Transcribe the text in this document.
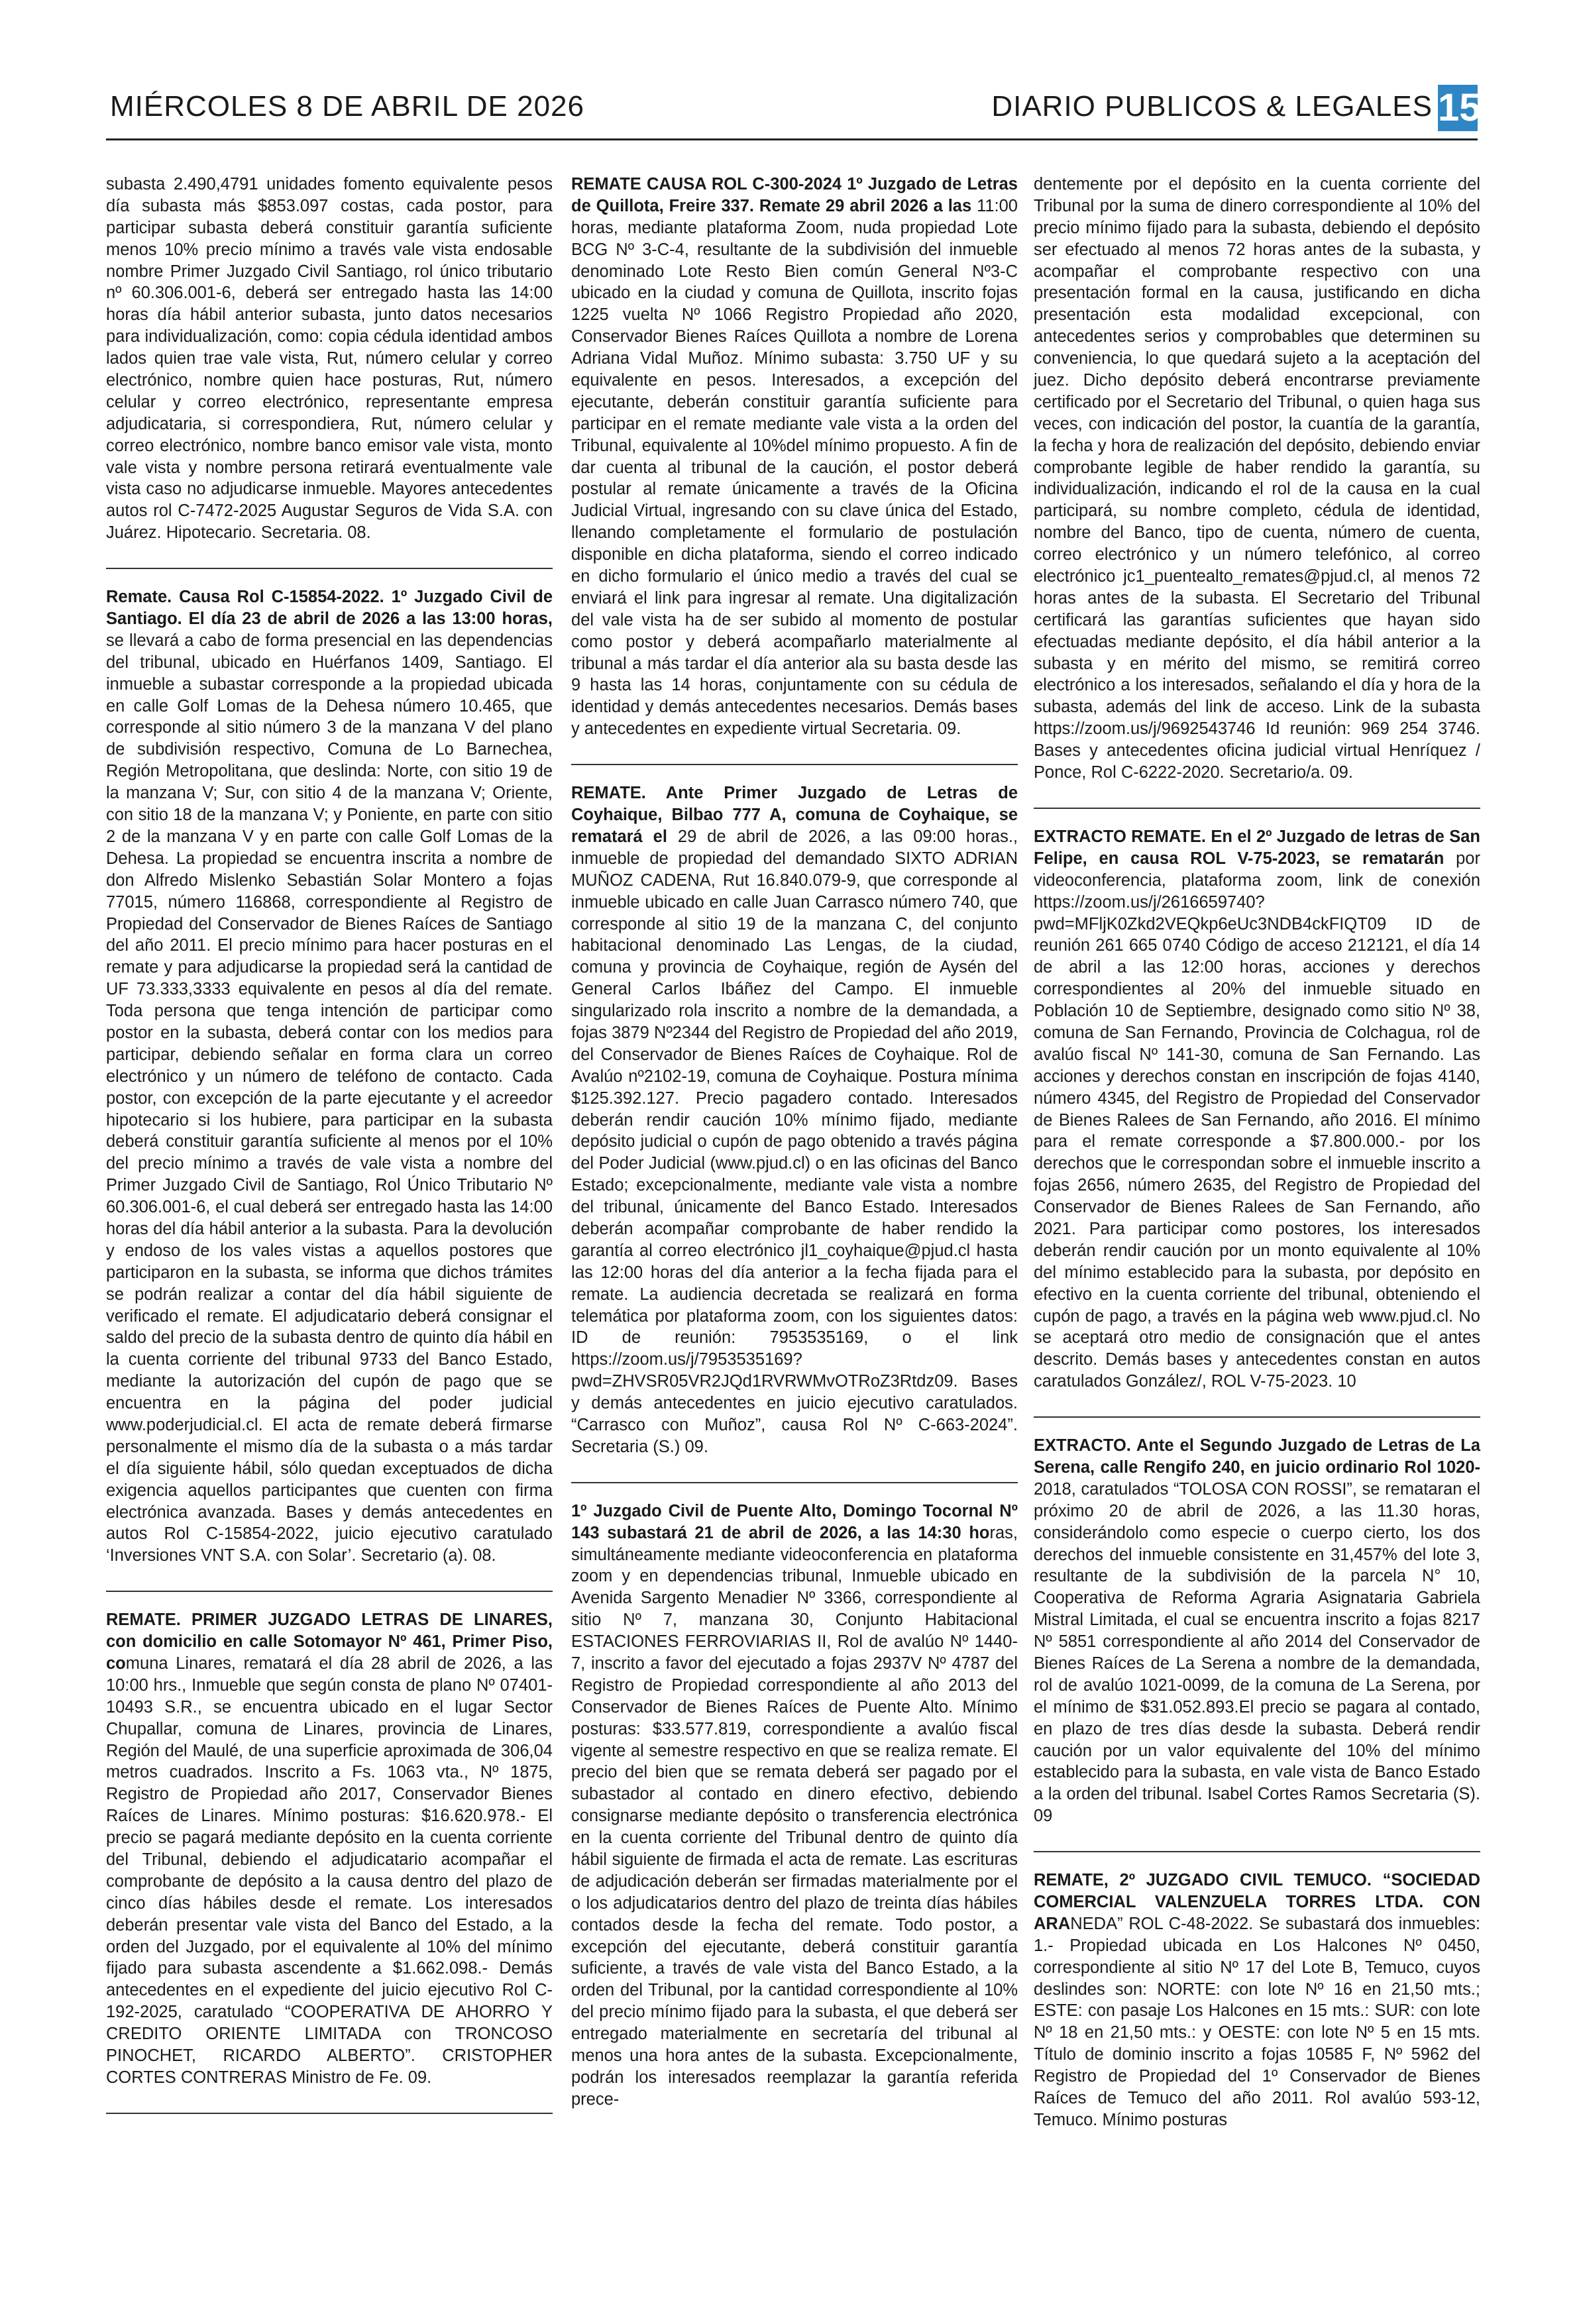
MIÉRCOLES 8 DE ABRIL DE 2026	DIARIO PUBLICOS & LEGALES 15

subasta 2.490,4791 unidades fomento equivalente pesos día subasta más $853.097 costas, cada postor, para participar subasta deberá constituir garantía suficiente menos 10% precio mínimo a través vale vista endosable nombre Primer Juzgado Civil Santiago, rol único tributario nº 60.306.001-6, deberá ser entregado hasta las 14:00 horas día hábil anterior subasta, junto datos necesarios para individualización, como: copia cédula identidad ambos lados quien trae vale vista, Rut, número celular y correo electrónico, nombre quien hace posturas, Rut, número celular y correo electrónico, representante empresa adjudicataria, si correspondiera, Rut, número celular y correo electrónico, nombre banco emisor vale vista, monto vale vista y nombre persona retirará eventualmente vale vista caso no adjudicarse inmueble. Mayores antecedentes autos rol C-7472-2025 Augustar Seguros de Vida S.A. con Juárez. Hipotecario. Secretaria. 08.

Remate. Causa Rol C-15854-2022. 1º Juzgado Civil de Santiago. El día 23 de abril de 2026 a las 13:00 horas, se llevará a cabo de forma presencial en las dependencias del tribunal, ubicado en Huérfanos 1409, Santiago. El inmueble a subastar corresponde a la propiedad ubicada en calle Golf Lomas de la Dehesa número 10.465, que corresponde al sitio número 3 de la manzana V del plano de subdivisión respectivo, Comuna de Lo Barnechea, Región Metropolitana, que deslinda: Norte, con sitio 19 de la manzana V; Sur, con sitio 4 de la manzana V; Oriente, con sitio 18 de la manzana V; y Poniente, en parte con sitio 2 de la manzana V y en parte con calle Golf Lomas de la Dehesa. La propiedad se encuentra inscrita a nombre de don Alfredo Mislenko Sebastián Solar Montero a fojas 77015, número 116868, correspondiente al Registro de Propiedad del Conservador de Bienes Raíces de Santiago del año 2011. El precio mínimo para hacer posturas en el remate y para adjudicarse la propiedad será la cantidad de UF 73.333,3333 equivalente en pesos al día del remate. Toda persona que tenga intención de participar como postor en la subasta, deberá contar con los medios para participar, debiendo señalar en forma clara un correo electrónico y un número de teléfono de contacto. Cada postor, con excepción de la parte ejecutante y el acreedor hipotecario si los hubiere, para participar en la subasta deberá constituir garantía suficiente al menos por el 10% del precio mínimo a través de vale vista a nombre del Primer Juzgado Civil de Santiago, Rol Único Tributario Nº 60.306.001-6, el cual deberá ser entregado hasta las 14:00 horas del día hábil anterior a la subasta. Para la devolución y endoso de los vales vistas a aquellos postores que participaron en la subasta, se informa que dichos trámites se podrán realizar a contar del día hábil siguiente de verificado el remate. El adjudicatario deberá consignar el saldo del precio de la subasta dentro de quinto día hábil en la cuenta corriente del tribunal 9733 del Banco Estado, mediante la autorización del cupón de pago que se encuentra en la página del poder judicial www.poderjudicial.cl. El acta de remate deberá firmarse personalmente el mismo día de la subasta o a más tardar el día siguiente hábil, sólo quedan exceptuados de dicha exigencia aquellos participantes que cuenten con firma electrónica avanzada. Bases y demás antecedentes en autos Rol C-15854-2022, juicio ejecutivo caratulado ‘Inversiones VNT S.A. con Solar’. Secretario (a). 08.

REMATE. PRIMER JUZGADO LETRAS DE LINARES, con domicilio en calle Sotomayor Nº 461, Primer Piso, comuna Linares, rematará el día 28 abril de 2026, a las 10:00 hrs., Inmueble que según consta de plano Nº 07401-10493 S.R., se encuentra ubicado en el lugar Sector Chupallar, comuna de Linares, provincia de Linares, Región del Maulé, de una superficie aproximada de 306,04 metros cuadrados. Inscrito a Fs. 1063 vta., Nº 1875, Registro de Propiedad año 2017, Conservador Bienes Raíces de Linares. Mínimo posturas: $16.620.978.- El precio se pagará mediante depósito en la cuenta corriente del Tribunal, debiendo el adjudicatario acompañar el comprobante de depósito a la causa dentro del plazo de cinco días hábiles desde el remate. Los interesados deberán presentar vale vista del Banco del Estado, a la orden del Juzgado, por el equivalente al 10% del mínimo fijado para subasta ascendente a $1.662.098.- Demás antecedentes en el expediente del juicio ejecutivo Rol C-192-2025, caratulado “COOPERATIVA DE AHORRO Y CREDITO ORIENTE LIMITADA con TRONCOSO PINOCHET, RICARDO ALBERTO”. CRISTOPHER CORTES CONTRERAS Ministro de Fe. 09.

REMATE CAUSA ROL C-300-2024 1º Juzgado de Letras de Quillota, Freire 337. Remate 29 abril 2026 a las 11:00 horas, mediante plataforma Zoom, nuda propiedad Lote BCG Nº 3-C-4, resultante de la subdivisión del inmueble denominado Lote Resto Bien común General Nº3-C ubicado en la ciudad y comuna de Quillota, inscrito fojas 1225 vuelta Nº 1066 Registro Propiedad año 2020, Conservador Bienes Raíces Quillota a nombre de Lorena Adriana Vidal Muñoz. Mínimo subasta: 3.750 UF y su equivalente en pesos. Interesados, a excepción del ejecutante, deberán constituir garantía suficiente para participar en el remate mediante vale vista a la orden del Tribunal, equivalente al 10%del mínimo propuesto. A fin de dar cuenta al tribunal de la caución, el postor deberá postular al remate únicamente a través de la Oficina Judicial Virtual, ingresando con su clave única del Estado, llenando completamente el formulario de postulación disponible en dicha plataforma, siendo el correo indicado en dicho formulario el único medio a través del cual se enviará el link para ingresar al remate. Una digitalización del vale vista ha de ser subido al momento de postular como postor y deberá acompañarlo materialmente al tribunal a más tardar el día anterior ala su basta desde las 9 hasta las 14 horas, conjuntamente con su cédula de identidad y demás antecedentes necesarios. Demás bases y antecedentes en expediente virtual Secretaria. 09.

REMATE. Ante Primer Juzgado de Letras de Coyhaique, Bilbao 777 A, comuna de Coyhaique, se rematará el 29 de abril de 2026, a las 09:00 horas., inmueble de propiedad del demandado SIXTO ADRIAN MUÑOZ CADENA, Rut 16.840.079-9, que corresponde al inmueble ubicado en calle Juan Carrasco número 740, que corresponde al sitio 19 de la manzana C, del conjunto habitacional denominado Las Lengas, de la ciudad, comuna y provincia de Coyhaique, región de Aysén del General Carlos Ibáñez del Campo. El inmueble singularizado rola inscrito a nombre de la demandada, a fojas 3879 Nº2344 del Registro de Propiedad del año 2019, del Conservador de Bienes Raíces de Coyhaique. Rol de Avalúo nº2102-19, comuna de Coyhaique. Postura mínima $125.392.127. Precio pagadero contado. Interesados deberán rendir caución 10% mínimo fijado, mediante depósito judicial o cupón de pago obtenido a través página del Poder Judicial (www.pjud.cl) o en las oficinas del Banco Estado; excepcionalmente, mediante vale vista a nombre del tribunal, únicamente del Banco Estado. Interesados deberán acompañar comprobante de haber rendido la garantía al correo electrónico jl1_coyhaique@pjud.cl hasta las 12:00 horas del día anterior a la fecha fijada para el remate. La audiencia decretada se realizará en forma telemática por plataforma zoom, con los siguientes datos: ID de reunión: 7953535169, o el link https://zoom.us/j/7953535169?pwd=ZHVSR05VR2JQd1RVRWMvOTRoZ3Rtdz09. Bases y demás antecedentes en juicio ejecutivo caratulados. “Carrasco con Muñoz”, causa Rol Nº C-663-2024”. Secretaria (S.) 09.

1º Juzgado Civil de Puente Alto, Domingo Tocornal Nº 143 subastará 21 de abril de 2026, a las 14:30 horas, simultáneamente mediante videoconferencia en plataforma zoom y en dependencias tribunal, Inmueble ubicado en Avenida Sargento Menadier Nº 3366, correspondiente al sitio Nº 7, manzana 30, Conjunto Habitacional ESTACIONES FERROVIARIAS II, Rol de avalúo Nº 1440-7, inscrito a favor del ejecutado a fojas 2937V Nº 4787 del Registro de Propiedad correspondiente al año 2013 del Conservador de Bienes Raíces de Puente Alto. Mínimo posturas: $33.577.819, correspondiente a avalúo fiscal vigente al semestre respectivo en que se realiza remate. El precio del bien que se remata deberá ser pagado por el subastador al contado en dinero efectivo, debiendo consignarse mediante depósito o transferencia electrónica en la cuenta corriente del Tribunal dentro de quinto día hábil siguiente de firmada el acta de remate. Las escrituras de adjudicación deberán ser firmadas materialmente por el o los adjudicatarios dentro del plazo de treinta días hábiles contados desde la fecha del remate. Todo postor, a excepción del ejecutante, deberá constituir garantía suficiente, a través de vale vista del Banco Estado, a la orden del Tribunal, por la cantidad correspondiente al 10% del precio mínimo fijado para la subasta, el que deberá ser entregado materialmente en secretaría del tribunal al menos una hora antes de la subasta. Excepcionalmente, podrán los interesados reemplazar la garantía referida prece-

dentemente por el depósito en la cuenta corriente del Tribunal por la suma de dinero correspondiente al 10% del precio mínimo fijado para la subasta, debiendo el depósito ser efectuado al menos 72 horas antes de la subasta, y acompañar el comprobante respectivo con una presentación formal en la causa, justificando en dicha presentación esta modalidad excepcional, con antecedentes serios y comprobables que determinen su conveniencia, lo que quedará sujeto a la aceptación del juez. Dicho depósito deberá encontrarse previamente certificado por el Secretario del Tribunal, o quien haga sus veces, con indicación del postor, la cuantía de la garantía, la fecha y hora de realización del depósito, debiendo enviar comprobante legible de haber rendido la garantía, su individualización, indicando el rol de la causa en la cual participará, su nombre completo, cédula de identidad, nombre del Banco, tipo de cuenta, número de cuenta, correo electrónico y un número telefónico, al correo electrónico jc1_puentealto_remates@pjud.cl, al menos 72 horas antes de la subasta. El Secretario del Tribunal certificará las garantías suficientes que hayan sido efectuadas mediante depósito, el día hábil anterior a la subasta y en mérito del mismo, se remitirá correo electrónico a los interesados, señalando el día y hora de la subasta, además del link de acceso. Link de la subasta https://zoom.us/j/9692543746 Id reunión: 969 254 3746. Bases y antecedentes oficina judicial virtual Henríquez / Ponce, Rol C-6222-2020. Secretario/a. 09.

EXTRACTO REMATE. En el 2º Juzgado de letras de San Felipe, en causa ROL V-75-2023, se rematarán por videoconferencia, plataforma zoom, link de conexión https://zoom.us/j/2616659740?pwd=MFljK0Zkd2VEQkp6eUc3NDB4ckFIQT09 ID de reunión 261 665 0740 Código de acceso 212121, el día 14 de abril a las 12:00 horas, acciones y derechos correspondientes al 20% del inmueble situado en Población 10 de Septiembre, designado como sitio Nº 38, comuna de San Fernando, Provincia de Colchagua, rol de avalúo fiscal Nº 141-30, comuna de San Fernando. Las acciones y derechos constan en inscripción de fojas 4140, número 4345, del Registro de Propiedad del Conservador de Bienes Ralees de San Fernando, año 2016. El mínimo para el remate corresponde a $7.800.000.- por los derechos que le correspondan sobre el inmueble inscrito a fojas 2656, número 2635, del Registro de Propiedad del Conservador de Bienes Ralees de San Fernando, año 2021. Para participar como postores, los interesados deberán rendir caución por un monto equivalente al 10% del mínimo establecido para la subasta, por depósito en efectivo en la cuenta corriente del tribunal, obteniendo el cupón de pago, a través en la página web www.pjud.cl. No se aceptará otro medio de consignación que el antes descrito. Demás bases y antecedentes constan en autos caratulados González/, ROL V-75-2023. 10

EXTRACTO. Ante el Segundo Juzgado de Letras de La Serena, calle Rengifo 240, en juicio ordinario Rol 1020-2018, caratulados “TOLOSA CON ROSSI”, se remataran el próximo 20 de abril de 2026, a las 11.30 horas, considerándolo como especie o cuerpo cierto, los dos derechos del inmueble consistente en 31,457% del lote 3, resultante de la subdivisión de la parcela N° 10, Cooperativa de Reforma Agraria Asignataria Gabriela Mistral Limitada, el cual se encuentra inscrito a fojas 8217 Nº 5851 correspondiente al año 2014 del Conservador de Bienes Raíces de La Serena a nombre de la demandada, rol de avalúo 1021-0099, de la comuna de La Serena, por el mínimo de $31.052.893.El precio se pagara al contado, en plazo de tres días desde la subasta. Deberá rendir caución por un valor equivalente del 10% del mínimo establecido para la subasta, en vale vista de Banco Estado a la orden del tribunal. Isabel Cortes Ramos Secretaria (S). 09

REMATE, 2º JUZGADO CIVIL TEMUCO. “SOCIEDAD COMERCIAL VALENZUELA TORRES LTDA. CON ARANEDA” ROL C-48-2022. Se subastará dos inmuebles: 1.- Propiedad ubicada en Los Halcones Nº 0450, correspondiente al sitio Nº 17 del Lote B, Temuco, cuyos deslindes son: NORTE: con lote Nº 16 en 21,50 mts.; ESTE: con pasaje Los Halcones en 15 mts.: SUR: con lote Nº 18 en 21,50 mts.: y OESTE: con lote Nº 5 en 15 mts. Título de dominio inscrito a fojas 10585 F, Nº 5962 del Registro de Propiedad del 1º Conservador de Bienes Raíces de Temuco del año 2011. Rol avalúo 593-12, Temuco. Mínimo posturas
